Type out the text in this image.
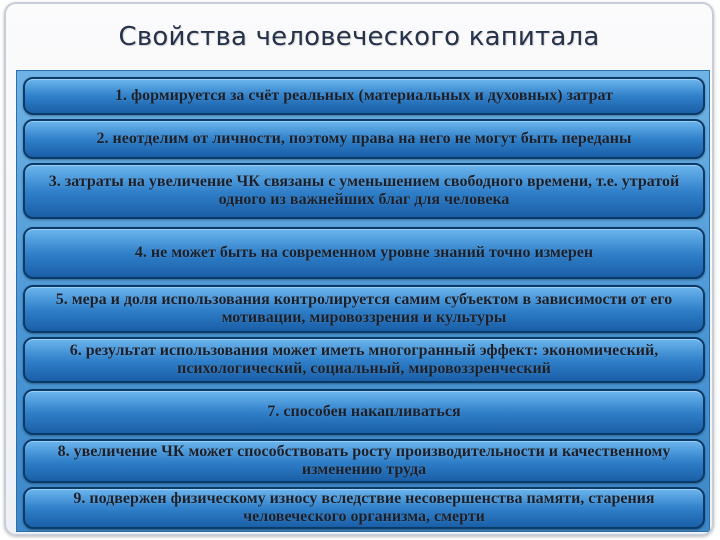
Свойства человеческого капитала
1. формируется за счёт реальных (материальных и духовных) затрат
2. неотделим от личности, поэтому права на него не могут быть переданы
3. затраты на увеличение ЧК связаны с уменьшением свободного времени, т.е. утратой одного из важнейших благ для человека
4. не может быть на современном уровне знаний точно измерен
5. мера и доля использования контролируется самим субъектом в зависимости от его мотивации, мировоззрения и культуры
6. результат использования может иметь многогранный эффект: экономический, психологический, социальный, мировоззренческий
7. способен накапливаться
8. увеличение ЧК может способствовать росту производительности и качественному изменению труда
9. подвержен физическому износу вследствие несовершенства памяти, старения человеческого организма, смерти
